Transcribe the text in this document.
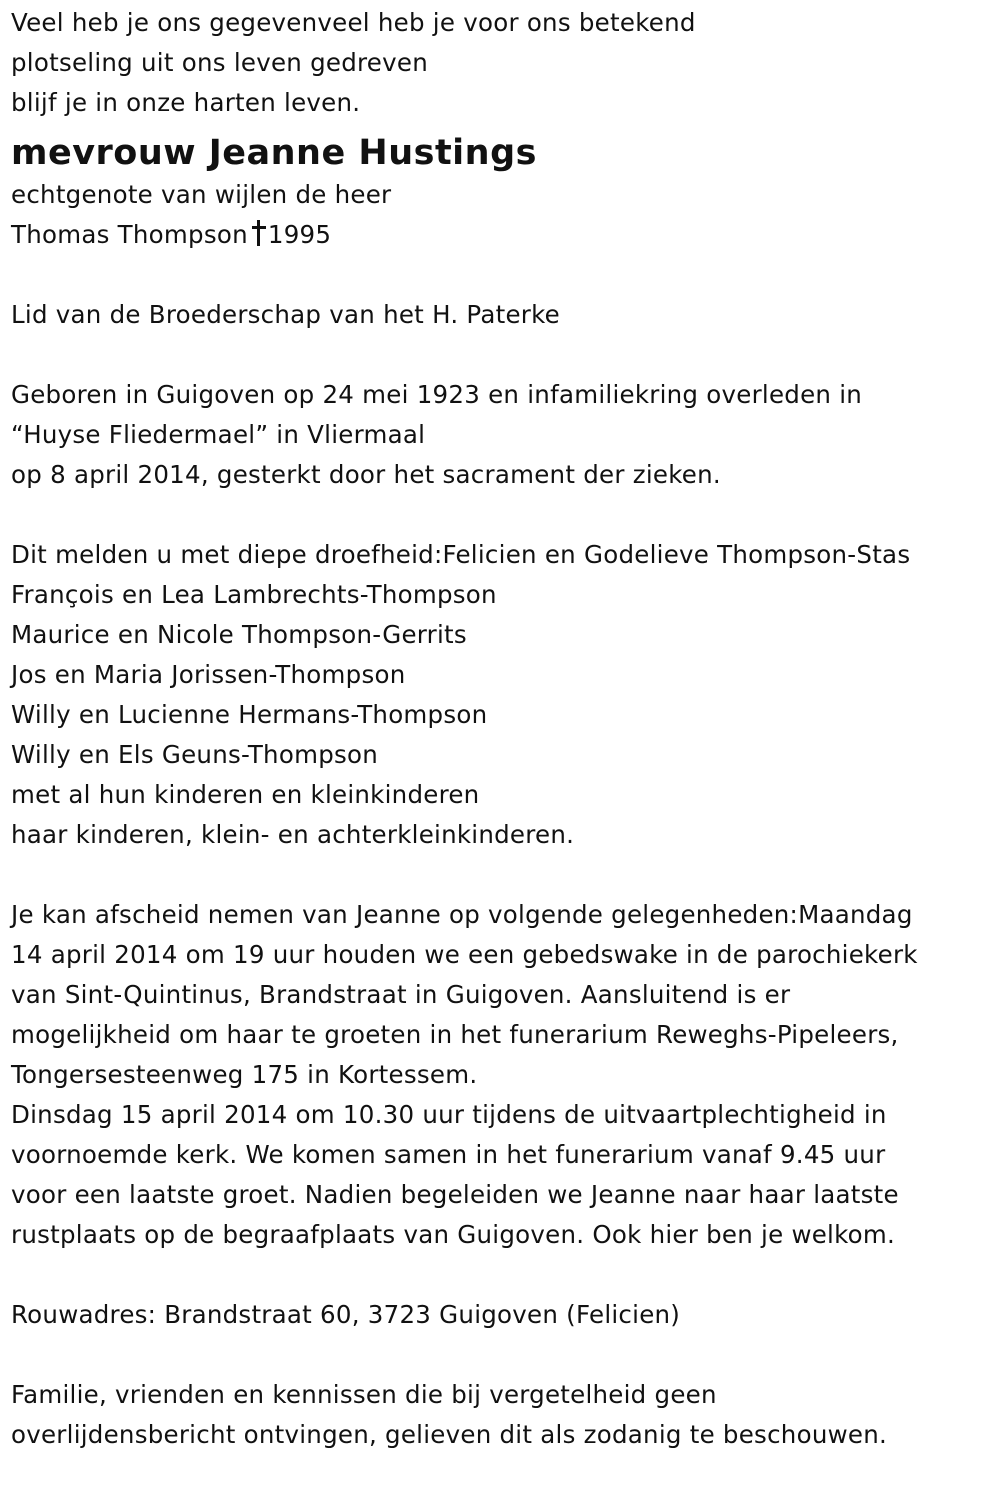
Veel heb je ons gegevenveel heb je voor ons betekend
plotseling uit ons leven gedreven
blijf je in onze harten leven.
mevrouw Jeanne Hustings
echtgenote van wijlen de heer
Thomas Thompson 1995
Lid van de Broederschap van het H. Paterke
Geboren in Guigoven op 24 mei 1923 en infamiliekring overleden in
“Huyse Fliedermael” in Vliermaal
op 8 april 2014, gesterkt door het sacrament der zieken.
Dit melden u met diepe droefheid:Felicien en Godelieve Thompson-Stas
François en Lea Lambrechts-Thompson
Maurice en Nicole Thompson-Gerrits
Jos en Maria Jorissen-Thompson
Willy en Lucienne Hermans-Thompson
Willy en Els Geuns-Thompson
met al hun kinderen en kleinkinderen
haar kinderen, klein- en achterkleinkinderen.
Je kan afscheid nemen van Jeanne op volgende gelegenheden:Maandag
14 april 2014 om 19 uur houden we een gebedswake in de parochiekerk
van Sint-Quintinus, Brandstraat in Guigoven. Aansluitend is er
mogelijkheid om haar te groeten in het funerarium Reweghs-Pipeleers,
Tongersesteenweg 175 in Kortessem.
Dinsdag 15 april 2014 om 10.30 uur tijdens de uitvaartplechtigheid in
voornoemde kerk. We komen samen in het funerarium vanaf 9.45 uur
voor een laatste groet. Nadien begeleiden we Jeanne naar haar laatste
rustplaats op de begraafplaats van Guigoven. Ook hier ben je welkom.
Rouwadres: Brandstraat 60, 3723 Guigoven (Felicien)
Familie, vrienden en kennissen die bij vergetelheid geen
overlijdensbericht ontvingen, gelieven dit als zodanig te beschouwen.
